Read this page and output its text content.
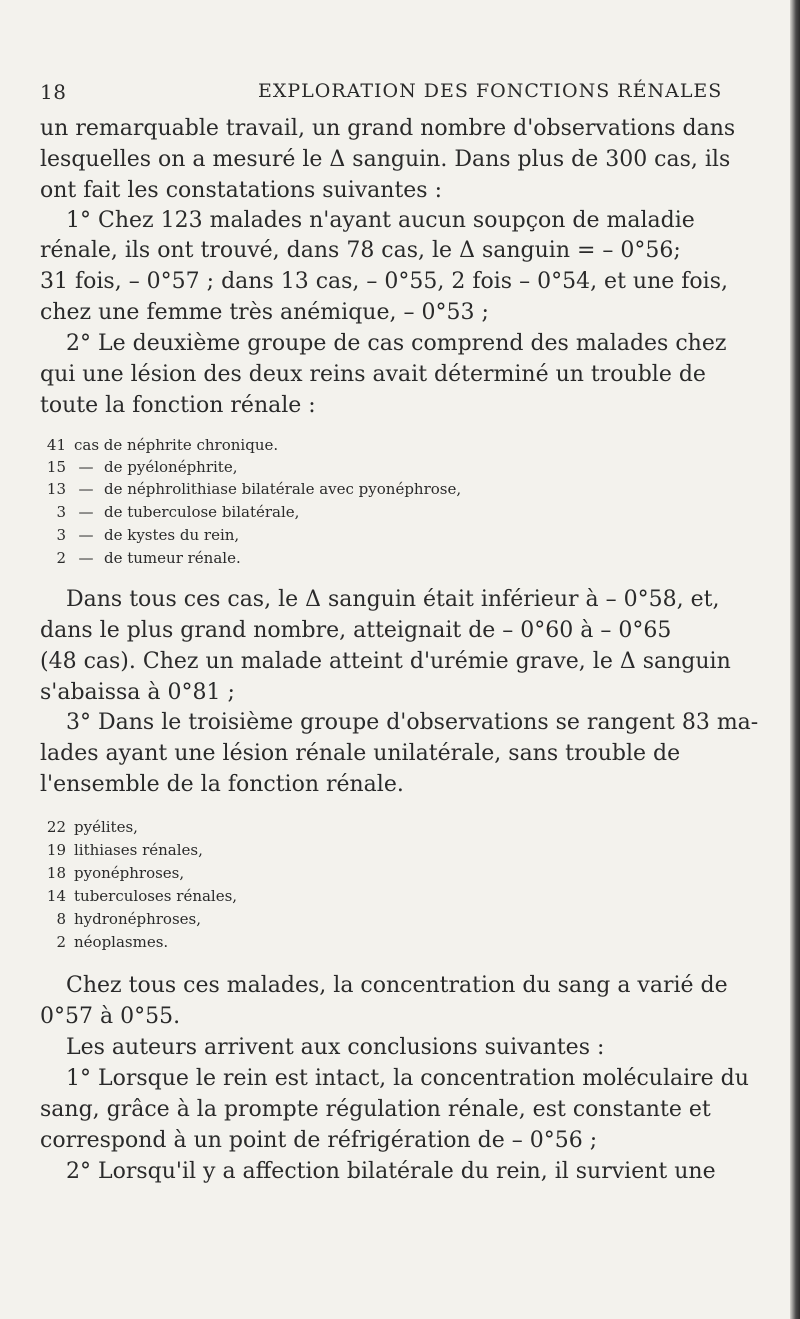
18	EXPLORATION DES FONCTIONS RÉNALES
un remarquable travail, un grand nombre d'observations dans
lesquelles on a mesuré le Δ sanguin. Dans plus de 300 cas, ils
ont fait les constatations suivantes :
1° Chez 123 malades n'ayant aucun soupçon de maladie
rénale, ils ont trouvé, dans 78 cas, le Δ sanguin = – 0°56;
31 fois, – 0°57 ; dans 13 cas, – 0°55, 2 fois – 0°54, et une fois,
chez une femme très anémique, – 0°53 ;
2° Le deuxième groupe de cas comprend des malades chez
qui une lésion des deux reins avait déterminé un trouble de
toute la fonction rénale :
41 cas de néphrite chronique.
15 — de pyélonéphrite,
13 — de néphrolithiase bilatérale avec pyonéphrose,
3 — de tuberculose bilatérale,
3 — de kystes du rein,
2 — de tumeur rénale.
Dans tous ces cas, le Δ sanguin était inférieur à – 0°58, et,
dans le plus grand nombre, atteignait de – 0°60 à – 0°65
(48 cas). Chez un malade atteint d'urémie grave, le Δ sanguin
s'abaissa à 0°81 ;
3° Dans le troisième groupe d'observations se rangent 83 ma-
lades ayant une lésion rénale unilatérale, sans trouble de
l'ensemble de la fonction rénale.
22 pyélites,
19 lithiases rénales,
18 pyonéphroses,
14 tuberculoses rénales,
8 hydronéphroses,
2 néoplasmes.
Chez tous ces malades, la concentration du sang a varié de
0°57 à 0°55.
Les auteurs arrivent aux conclusions suivantes :
1° Lorsque le rein est intact, la concentration moléculaire du
sang, grâce à la prompte régulation rénale, est constante et
correspond à un point de réfrigération de – 0°56 ;
2° Lorsqu'il y a affection bilatérale du rein, il survient une
